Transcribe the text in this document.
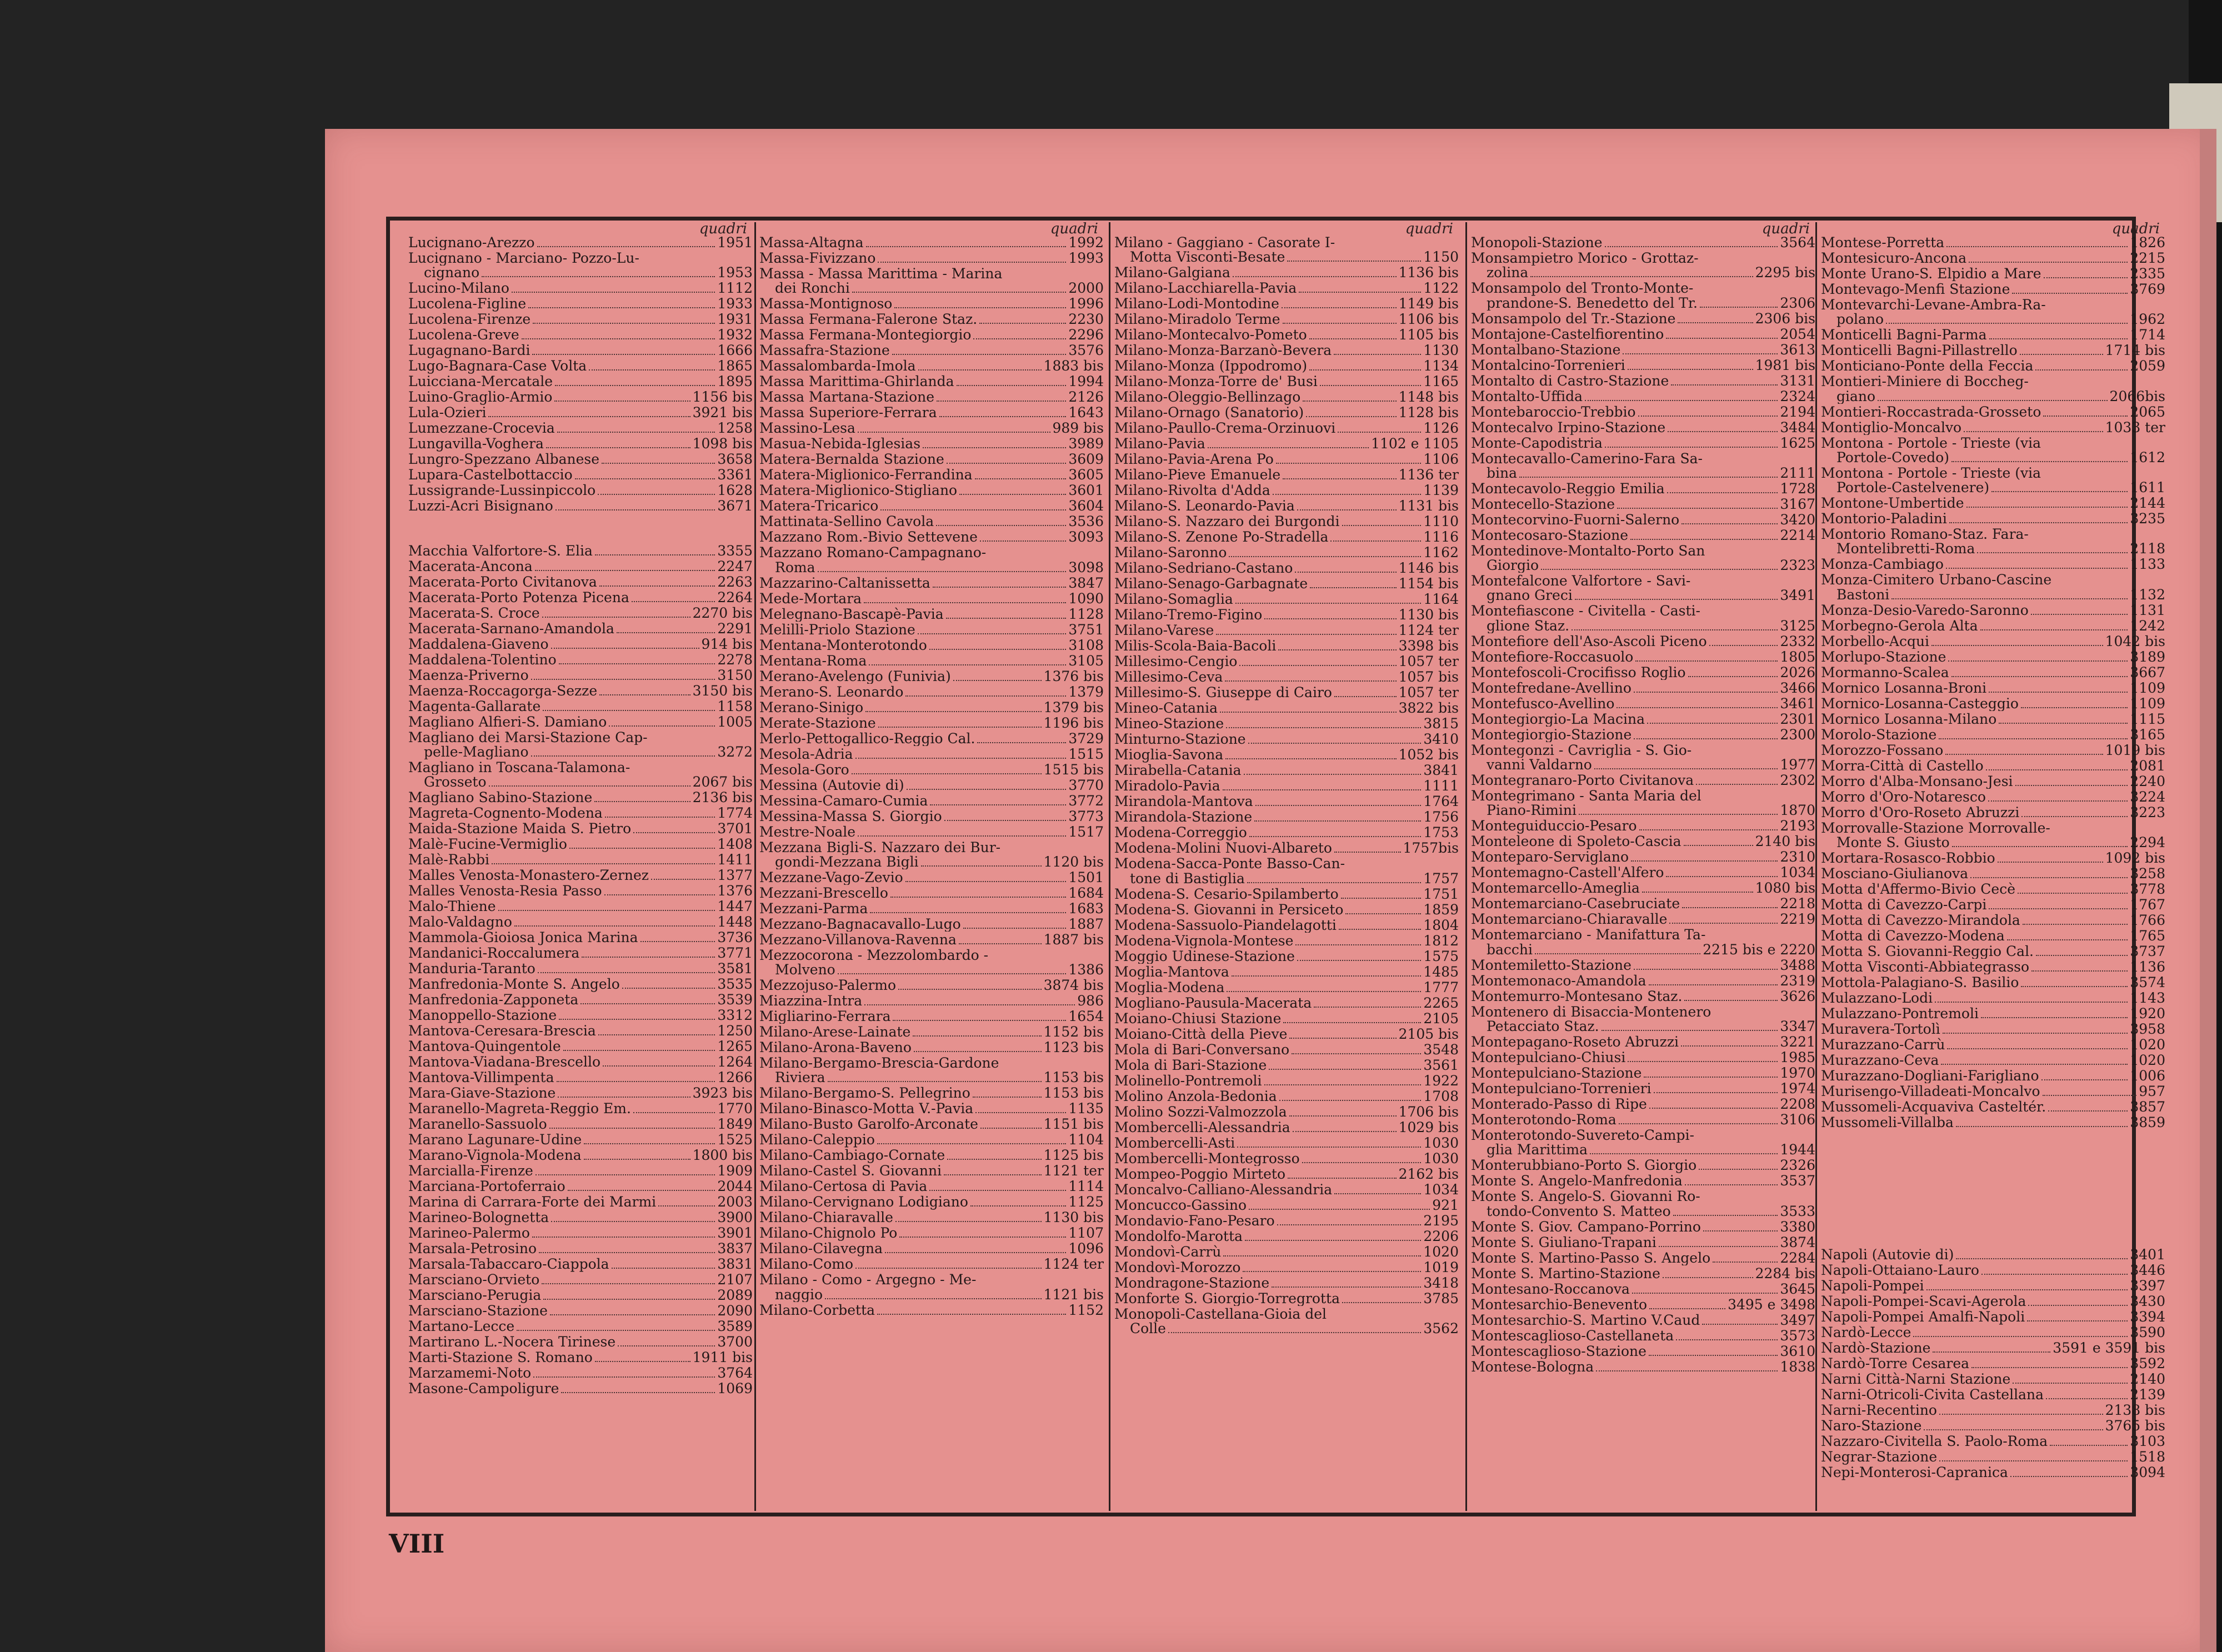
quadri
Lucignano-Arezzo	1951
Lucignano - Marciano- Pozzo-Lu-
cignano	1953
Lucino-Milano	1112
Lucolena-Figline	1933
Lucolena-Firenze	1931
Lucolena-Greve	1932
Lugagnano-Bardi	1666
Lugo-Bagnara-Case Volta	1865
Luicciana-Mercatale	1895
Luino-Graglio-Armio	1156 bis
Lula-Ozieri	3921 bis
Lumezzane-Crocevia	1258
Lungavilla-Voghera	1098 bis
Lungro-Spezzano Albanese	3658
Lupara-Castelbottaccio	3361
Lussigrande-Lussinpiccolo	1628
Luzzi-Acri Bisignano	3671
Macchia Valfortore-S. Elia	3355
Macerata-Ancona	2247
Macerata-Porto Civitanova	2263
Macerata-Porto Potenza Picena	2264
Macerata-S. Croce	2270 bis
Macerata-Sarnano-Amandola	2291
Maddalena-Giaveno	914 bis
Maddalena-Tolentino	2278
Maenza-Priverno	3150
Maenza-Roccagorga-Sezze	3150 bis
Magenta-Gallarate	1158
Magliano Alfieri-S. Damiano	1005
Magliano dei Marsi-Stazione Cap-
pelle-Magliano	3272
Magliano in Toscana-Talamona-
Grosseto	2067 bis
Magliano Sabino-Stazione	2136 bis
Magreta-Cognento-Modena	1774
Maida-Stazione Maida S. Pietro	3701
Malè-Fucine-Vermiglio	1408
Malè-Rabbi	1411
Malles Venosta-Monastero-Zernez	1377
Malles Venosta-Resia Passo	1376
Malo-Thiene	1447
Malo-Valdagno	1448
Mammola-Gioiosa Jonica Marina	3736
Mandanici-Roccalumera	3771
Manduria-Taranto	3581
Manfredonia-Monte S. Angelo	3535
Manfredonia-Zapponeta	3539
Manoppello-Stazione	3312
Mantova-Ceresara-Brescia	1250
Mantova-Quingentole	1265
Mantova-Viadana-Brescello	1264
Mantova-Villimpenta	1266
Mara-Giave-Stazione	3923 bis
Maranello-Magreta-Reggio Em.	1770
Maranello-Sassuolo	1849
Marano Lagunare-Udine	1525
Marano-Vignola-Modena	1800 bis
Marcialla-Firenze	1909
Marciana-Portoferraio	2044
Marina di Carrara-Forte dei Marmi	2003
Marineo-Bolognetta	3900
Marineo-Palermo	3901
Marsala-Petrosino	3837
Marsala-Tabaccaro-Ciappola	3831
Marsciano-Orvieto	2107
Marsciano-Perugia	2089
Marsciano-Stazione	2090
Martano-Lecce	3589
Martirano L.-Nocera Tirinese	3700
Marti-Stazione S. Romano	1911 bis
Marzamemi-Noto	3764
Masone-Campoligure	1069
quadri
Massa-Altagna	1992
Massa-Fivizzano	1993
Massa - Massa Marittima - Marina
dei Ronchi	2000
Massa-Montignoso	1996
Massa Fermana-Falerone Staz.	2230
Massa Fermana-Montegiorgio	2296
Massafra-Stazione	3576
Massalombarda-Imola	1883 bis
Massa Marittima-Ghirlanda	1994
Massa Martana-Stazione	2126
Massa Superiore-Ferrara	1643
Massino-Lesa	989 bis
Masua-Nebida-Iglesias	3989
Matera-Bernalda Stazione	3609
Matera-Miglionico-Ferrandina	3605
Matera-Miglionico-Stigliano	3601
Matera-Tricarico	3604
Mattinata-Sellino Cavola	3536
Mazzano Rom.-Bivio Settevene	3093
Mazzano Romano-Campagnano-
Roma	3098
Mazzarino-Caltanissetta	3847
Mede-Mortara	1090
Melegnano-Bascapè-Pavia	1128
Melilli-Priolo Stazione	3751
Mentana-Monterotondo	3108
Mentana-Roma	3105
Merano-Avelengo (Funivia)	1376 bis
Merano-S. Leonardo	1379
Merano-Sinigo	1379 bis
Merate-Stazione	1196 bis
Merlo-Pettogallico-Reggio Cal.	3729
Mesola-Adria	1515
Mesola-Goro	1515 bis
Messina (Autovie di)	3770
Messina-Camaro-Cumia	3772
Messina-Massa S. Giorgio	3773
Mestre-Noale	1517
Mezzana Bigli-S. Nazzaro dei Bur-
gondi-Mezzana Bigli	1120 bis
Mezzane-Vago-Zevio	1501
Mezzani-Brescello	1684
Mezzani-Parma	1683
Mezzano-Bagnacavallo-Lugo	1887
Mezzano-Villanova-Ravenna	1887 bis
Mezzocorona - Mezzolombardo -
Molveno	1386
Mezzojuso-Palermo	3874 bis
Miazzina-Intra	986
Migliarino-Ferrara	1654
Milano-Arese-Lainate	1152 bis
Milano-Arona-Baveno	1123 bis
Milano-Bergamo-Brescia-Gardone
Riviera	1153 bis
Milano-Bergamo-S. Pellegrino	1153 bis
Milano-Binasco-Motta V.-Pavia	1135
Milano-Busto Garolfo-Arconate	1151 bis
Milano-Caleppio	1104
Milano-Cambiago-Cornate	1125 bis
Milano-Castel S. Giovanni	1121 ter
Milano-Certosa di Pavia	1114
Milano-Cervignano Lodigiano	1125
Milano-Chiaravalle	1130 bis
Milano-Chignolo Po	1107
Milano-Cilavegna	1096
Milano-Como	1124 ter
Milano - Como - Argegno - Me-
naggio	1121 bis
Milano-Corbetta	1152
quadri
Milano - Gaggiano - Casorate I-
Motta Visconti-Besate	1150
Milano-Galgiana	1136 bis
Milano-Lacchiarella-Pavia	1122
Milano-Lodi-Montodine	1149 bis
Milano-Miradolo Terme	1106 bis
Milano-Montecalvo-Pometo	1105 bis
Milano-Monza-Barzanò-Bevera	1130
Milano-Monza (Ippodromo)	1134
Milano-Monza-Torre de' Busi	1165
Milano-Oleggio-Bellinzago	1148 bis
Milano-Ornago (Sanatorio)	1128 bis
Milano-Paullo-Crema-Orzinuovi	1126
Milano-Pavia	1102 e 1105
Milano-Pavia-Arena Po	1106
Milano-Pieve Emanuele	1136 ter
Milano-Rivolta d'Adda	1139
Milano-S. Leonardo-Pavia	1131 bis
Milano-S. Nazzaro dei Burgondi	1110
Milano-S. Zenone Po-Stradella	1116
Milano-Saronno	1162
Milano-Sedriano-Castano	1146 bis
Milano-Senago-Garbagnate	1154 bis
Milano-Somaglia	1164
Milano-Tremo-Figino	1130 bis
Milano-Varese	1124 ter
Milis-Scola-Baia-Bacoli	3398 bis
Millesimo-Cengio	1057 ter
Millesimo-Ceva	1057 bis
Millesimo-S. Giuseppe di Cairo	1057 ter
Mineo-Catania	3822 bis
Mineo-Stazione	3815
Minturno-Stazione	3410
Mioglia-Savona	1052 bis
Mirabella-Catania	3841
Miradolo-Pavia	1111
Mirandola-Mantova	1764
Mirandola-Stazione	1756
Modena-Correggio	1753
Modena-Molini Nuovi-Albareto	1757bis
Modena-Sacca-Ponte Basso-Can-
tone di Bastiglia	1757
Modena-S. Cesario-Spilamberto	1751
Modena-S. Giovanni in Persiceto	1859
Modena-Sassuolo-Piandelagotti	1804
Modena-Vignola-Montese	1812
Moggio Udinese-Stazione	1575
Moglia-Mantova	1485
Moglia-Modena	1777
Mogliano-Pausula-Macerata	2265
Moiano-Chiusi Stazione	2105
Moiano-Città della Pieve	2105 bis
Mola di Bari-Conversano	3548
Mola di Bari-Stazione	3561
Molinello-Pontremoli	1922
Molino Anzola-Bedonia	1708
Molino Sozzi-Valmozzola	1706 bis
Mombercelli-Alessandria	1029 bis
Mombercelli-Asti	1030
Mombercelli-Montegrosso	1030
Mompeo-Poggio Mirteto	2162 bis
Moncalvo-Calliano-Alessandria	1034
Moncucco-Gassino	921
Mondavio-Fano-Pesaro	2195
Mondolfo-Marotta	2206
Mondovì-Carrù	1020
Mondovì-Morozzo	1019
Mondragone-Stazione	3418
Monforte S. Giorgio-Torregrotta	3785
Monopoli-Castellana-Gioia del
Colle	3562
quadri
Monopoli-Stazione	3564
Monsampietro Morico - Grottaz-
zolina	2295 bis
Monsampolo del Tronto-Monte-
prandone-S. Benedetto del Tr.	2306
Monsampolo del Tr.-Stazione	2306 bis
Montajone-Castelfiorentino	2054
Montalbano-Stazione	3613
Montalcino-Torrenieri	1981 bis
Montalto di Castro-Stazione	3131
Montalto-Uffida	2324
Montebaroccio-Trebbio	2194
Montecalvo Irpino-Stazione	3484
Monte-Capodistria	1625
Montecavallo-Camerino-Fara Sa-
bina	2111
Montecavolo-Reggio Emilia	1728
Montecello-Stazione	3167
Montecorvino-Fuorni-Salerno	3420
Montecosaro-Stazione	2214
Montedinove-Montalto-Porto San
Giorgio	2323
Montefalcone Valfortore - Savi-
gnano Greci	3491
Montefiascone - Civitella - Casti-
glione Staz.	3125
Montefiore dell'Aso-Ascoli Piceno	2332
Montefiore-Roccasuolo	1805
Montefoscoli-Crocifisso Roglio	2026
Montefredane-Avellino	3466
Montefusco-Avellino	3461
Montegiorgio-La Macina	2301
Montegiorgio-Stazione	2300
Montegonzi - Cavriglia - S. Gio-
vanni Valdarno	1977
Montegranaro-Porto Civitanova	2302
Montegrimano - Santa Maria del
Piano-Rimini	1870
Monteguiduccio-Pesaro	2193
Monteleone di Spoleto-Cascia	2140 bis
Monteparo-Serviglano	2310
Montemagno-Castell'Alfero	1034
Montemarcello-Ameglia	1080 bis
Montemarciano-Casebruciate	2218
Montemarciano-Chiaravalle	2219
Montemarciano - Manifattura Ta-
bacchi	2215 bis e 2220
Montemiletto-Stazione	3488
Montemonaco-Amandola	2319
Montemurro-Montesano Staz.	3626
Montenero di Bisaccia-Montenero
Petacciato Staz.	3347
Montepagano-Roseto Abruzzi	3221
Montepulciano-Chiusi	1985
Montepulciano-Stazione	1970
Montepulciano-Torrenieri	1974
Monterado-Passo di Ripe	2208
Monterotondo-Roma	3106
Monterotondo-Suvereto-Campi-
glia Marittima	1944
Monterubbiano-Porto S. Giorgio	2326
Monte S. Angelo-Manfredonia	3537
Monte S. Angelo-S. Giovanni Ro-
tondo-Convento S. Matteo	3533
Monte S. Giov. Campano-Porrino	3380
Monte S. Giuliano-Trapani	3874
Monte S. Martino-Passo S. Angelo	2284
Monte S. Martino-Stazione	2284 bis
Montesano-Roccanova	3645
Montesarchio-Benevento	3495 e 3498
Montesarchio-S. Martino V.Caud	3497
Montescaglioso-Castellaneta	3573
Montescaglioso-Stazione	3610
Montese-Bologna	1838
quadri
Montese-Porretta	1826
Montesicuro-Ancona	2215
Monte Urano-S. Elpidio a Mare	2335
Montevago-Menfi Stazione	3769
Montevarchi-Levane-Ambra-Ra-
polano	1962
Monticelli Bagni-Parma	1714
Monticelli Bagni-Pillastrello	1714 bis
Monticiano-Ponte della Feccia	2059
Montieri-Miniere di Boccheg-
giano	2066bis
Montieri-Roccastrada-Grosseto	2065
Montiglio-Moncalvo	1033 ter
Montona - Portole - Trieste (via
Portole-Covedo)	1612
Montona - Portole - Trieste (via
Portole-Castelvenere)	1611
Montone-Umbertide	2144
Montorio-Paladini	3235
Montorio Romano-Staz. Fara-
Montelibretti-Roma	2118
Monza-Cambiago	1133
Monza-Cimitero Urbano-Cascine
Bastoni	1132
Monza-Desio-Varedo-Saronno	1131
Morbegno-Gerola Alta	1242
Morbello-Acqui	1042 bis
Morlupo-Stazione	3189
Mormanno-Scalea	3667
Mornico Losanna-Broni	1109
Mornico-Losanna-Casteggio	1109
Mornico Losanna-Milano	1115
Morolo-Stazione	3165
Morozzo-Fossano	1019 bis
Morra-Città di Castello	2081
Morro d'Alba-Monsano-Jesi	2240
Morro d'Oro-Notaresco	3224
Morro d'Oro-Roseto Abruzzi	3223
Morrovalle-Stazione Morrovalle-
Monte S. Giusto	2294
Mortara-Rosasco-Robbio	1092 bis
Mosciano-Giulianova	3258
Motta d'Affermo-Bivio Cecè	3778
Motta di Cavezzo-Carpi	1767
Motta di Cavezzo-Mirandola	1766
Motta di Cavezzo-Modena	1765
Motta S. Giovanni-Reggio Cal.	3737
Motta Visconti-Abbiategrasso	1136
Mottola-Palagiano-S. Basilio	3574
Mulazzano-Lodi	1143
Mulazzano-Pontremoli	1920
Muravera-Tortolì	3958
Murazzano-Carrù	1020
Murazzano-Ceva	1020
Murazzano-Dogliani-Farigliano	1006
Murisengo-Villadeati-Moncalvo	957
Mussomeli-Acquaviva Casteltér.	3857
Mussomeli-Villalba	3859
Napoli (Autovie di)	3401
Napoli-Ottaiano-Lauro	3446
Napoli-Pompei	3397
Napoli-Pompei-Scavi-Agerola	3430
Napoli-Pompei Amalfi-Napoli	3394
Nardò-Lecce	3590
Nardò-Stazione	3591 e 3591 bis
Nardò-Torre Cesarea	3592
Narni Città-Narni Stazione	2140
Narni-Otricoli-Civita Castellana	2139
Narni-Recentino	2138 bis
Naro-Stazione	3765 bis
Nazzaro-Civitella S. Paolo-Roma	3103
Negrar-Stazione	1518
Nepi-Monterosi-Capranica	3094
VIII
